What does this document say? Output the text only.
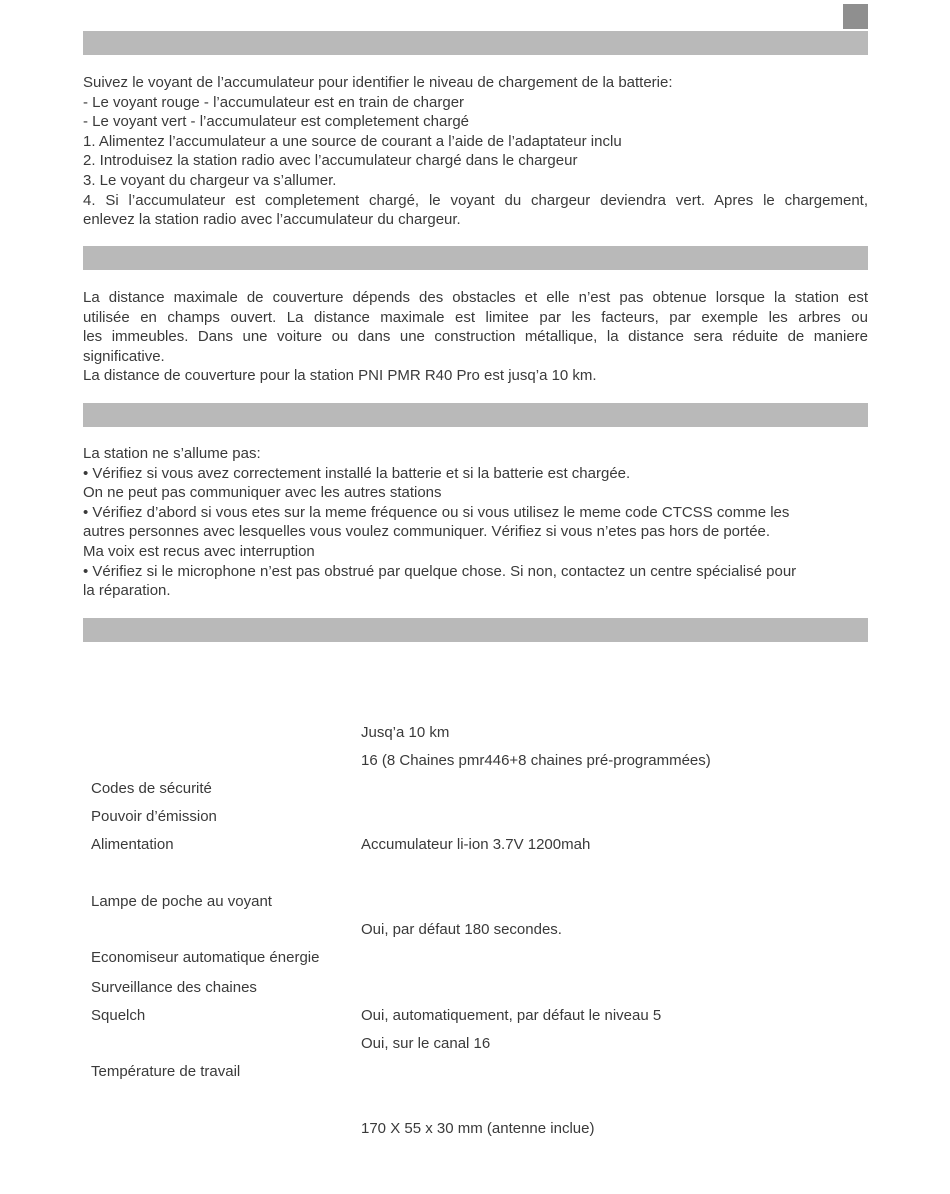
Suivez le voyant de l’accumulateur pour identifier le niveau de chargement de la batterie:
- Le voyant rouge - l’accumulateur est en train de charger
- Le voyant vert - l’accumulateur est completement chargé
1. Alimentez l’accumulateur a une source de courant a l’aide de l’adaptateur inclu
2. Introduisez la station radio avec l’accumulateur chargé dans le chargeur
3. Le voyant du chargeur va s’allumer.
4. Si l’accumulateur est completement chargé, le voyant du chargeur deviendra vert. Apres le chargement,
enlevez la station radio avec l’accumulateur du chargeur.
La distance maximale de couverture dépends des obstacles et elle n’est pas obtenue lorsque la station est
utilisée en champs ouvert. La distance maximale est limitee par les facteurs, par exemple les arbres ou
les immeubles. Dans une voiture ou dans une construction métallique, la distance sera réduite de maniere
significative.
La distance de couverture pour la station PNI PMR R40 Pro est jusq’a 10 km.
La station ne s’allume pas:
• Vérifiez si vous avez correctement installé la batterie et si la batterie est chargée.
On ne peut pas communiquer avec les autres stations
• Vérifiez d’abord si vous etes sur la meme fréquence ou si vous utilisez le meme code CTCSS comme les
autres personnes avec lesquelles vous voulez communiquer. Vérifiez si vous n’etes pas hors de portée.
Ma voix est recus avec interruption
• Vérifiez si le microphone n’est pas obstrué par quelque chose. Si non, contactez un centre spécialisé pour
la réparation.
Jusq’a 10 km
16 (8 Chaines pmr446+8 chaines pré-programmées)
Codes de sécurité
Pouvoir d’émission
Alimentation	Accumulateur li-ion 3.7V 1200mah
Lampe de poche au voyant
Oui, par défaut 180 secondes.
Economiseur automatique énergie
Surveillance des chaines
Squelch	Oui, automatiquement, par défaut le niveau 5
Oui, sur le canal 16
Température de travail
170 X 55 x 30 mm (antenne inclue)
